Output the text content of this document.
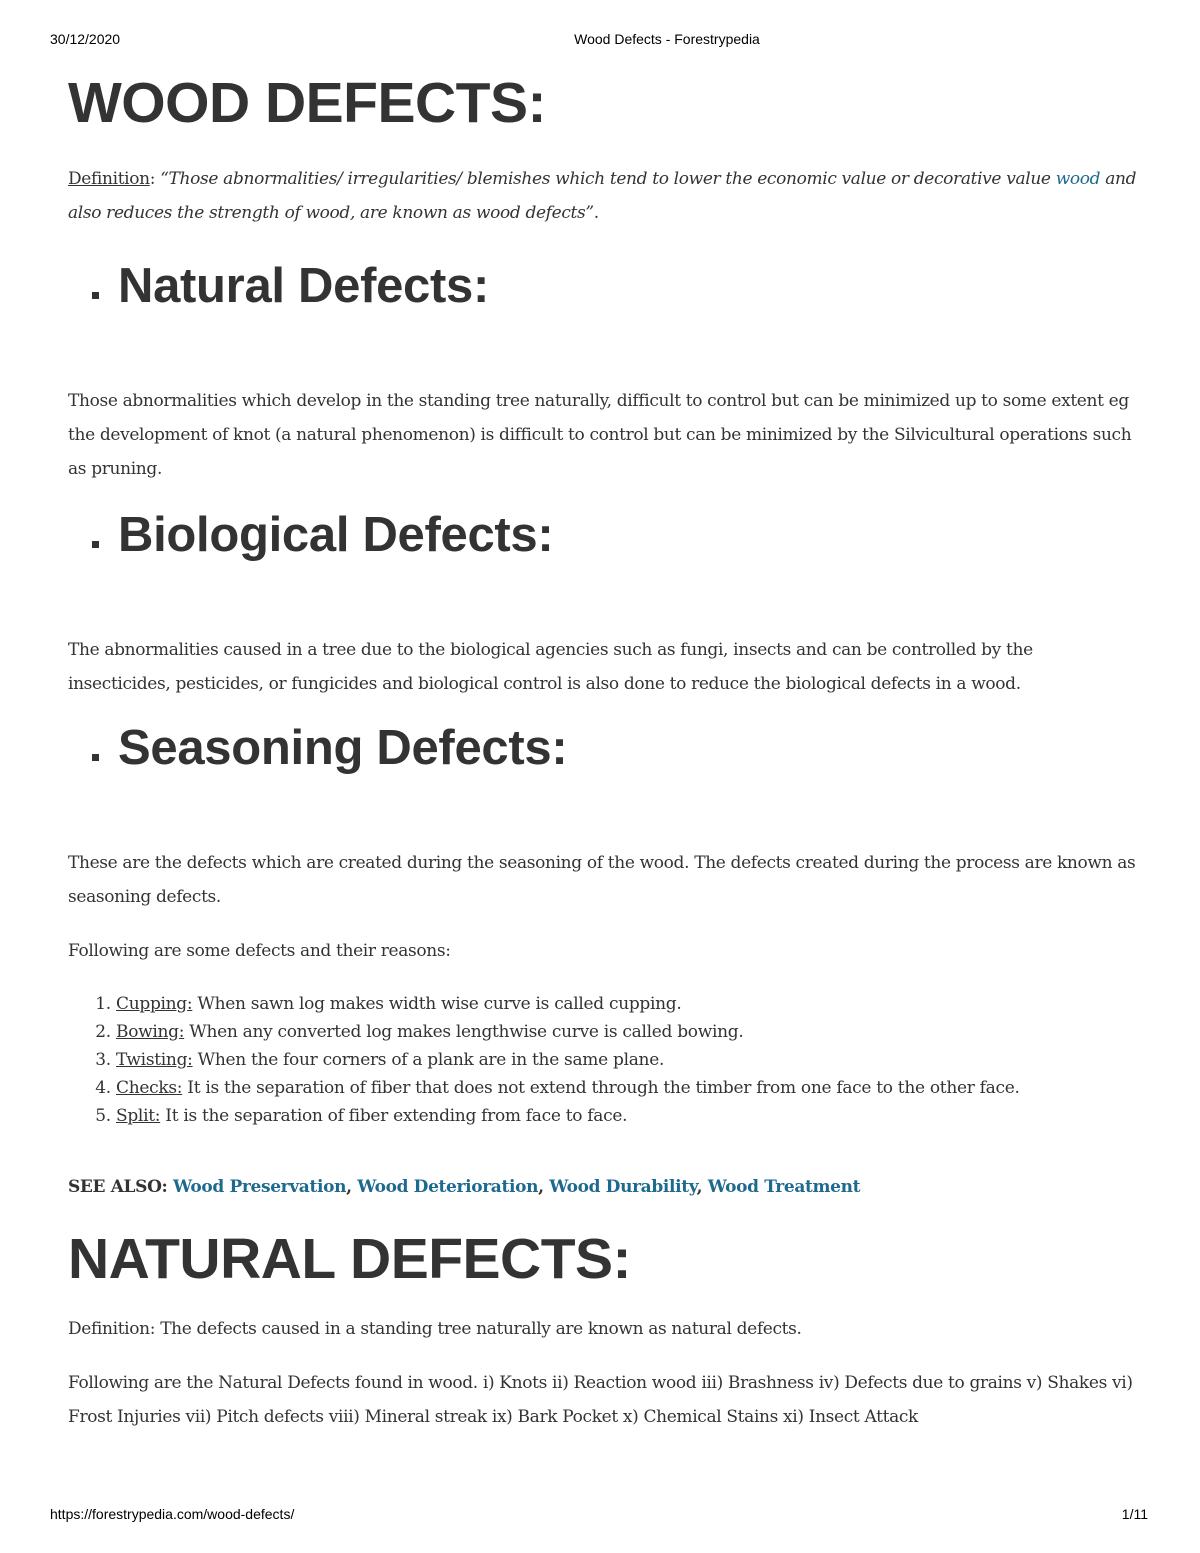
30/12/2020	Wood Defects - Forestrypedia
WOOD DEFECTS:

Definition: “Those abnormalities/ irregularities/ blemishes which tend to lower the economic value or decorative value wood and also reduces the strength of wood, are known as wood defects”.

Natural Defects:

Those abnormalities which develop in the standing tree naturally, difficult to control but can be minimized up to some extent eg the development of knot (a natural phenomenon) is difficult to control but can be minimized by the Silvicultural operations such as pruning.

Biological Defects:

The abnormalities caused in a tree due to the biological agencies such as fungi, insects and can be controlled by the insecticides, pesticides, or fungicides and biological control is also done to reduce the biological defects in a wood.

Seasoning Defects:

These are the defects which are created during the seasoning of the wood. The defects created during the process are known as seasoning defects.

Following are some defects and their reasons:

1. Cupping: When sawn log makes width wise curve is called cupping.
2. Bowing: When any converted log makes lengthwise curve is called bowing.
3. Twisting: When the four corners of a plank are in the same plane.
4. Checks: It is the separation of fiber that does not extend through the timber from one face to the other face.
5. Split: It is the separation of fiber extending from face to face.

SEE ALSO: Wood Preservation, Wood Deterioration, Wood Durability, Wood Treatment

NATURAL DEFECTS:

Definition: The defects caused in a standing tree naturally are known as natural defects.

Following are the Natural Defects found in wood. i) Knots ii) Reaction wood iii) Brashness iv) Defects due to grains v) Shakes vi) Frost Injuries vii) Pitch defects viii) Mineral streak ix) Bark Pocket x) Chemical Stains xi) Insect Attack

https://forestrypedia.com/wood-defects/	1/11
